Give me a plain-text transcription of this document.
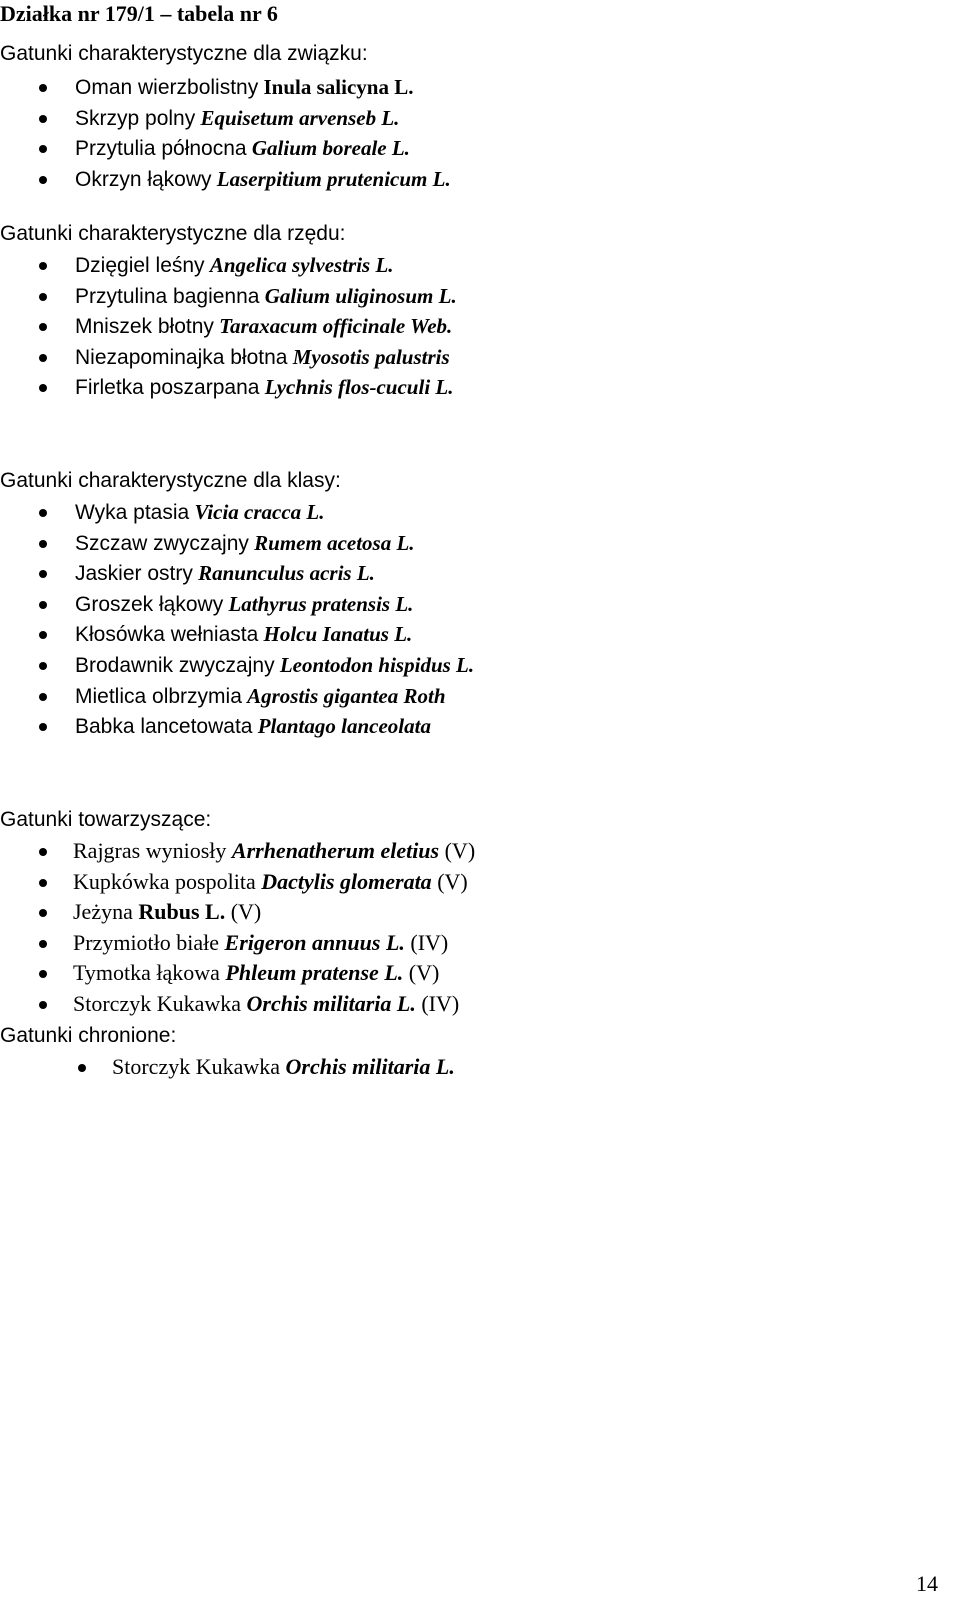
Działka nr 179/1 – tabela nr 6
Gatunki charakterystyczne dla związku:
Oman wierzbolistny Inula salicyna L.
Skrzyp polny Equisetum arvenseb L.
Przytulia północna Galium boreale L.
Okrzyn łąkowy Laserpitium prutenicum L.
Gatunki charakterystyczne dla rzędu:
Dzięgiel leśny Angelica sylvestris L.
Przytulina bagienna Galium uliginosum L.
Mniszek błotny Taraxacum officinale Web.
Niezapominajka błotna Myosotis palustris
Firletka poszarpana Lychnis flos-cuculi L.
Gatunki charakterystyczne dla klasy:
Wyka ptasia Vicia cracca L.
Szczaw zwyczajny Rumem acetosa L.
Jaskier ostry Ranunculus acris L.
Groszek łąkowy Lathyrus pratensis L.
Kłosówka wełniasta Holcu Ianatus L.
Brodawnik zwyczajny Leontodon hispidus L.
Mietlica olbrzymia Agrostis gigantea Roth
Babka lancetowata Plantago lanceolata
Gatunki towarzyszące:
Rajgras wyniosły Arrhenatherum eletius (V)
Kupkówka pospolita Dactylis glomerata (V)
Jeżyna Rubus L. (V)
Przymiotło białe Erigeron annuus L. (IV)
Tymotka łąkowa Phleum pratense L. (V)
Storczyk Kukawka Orchis militaria L. (IV)
Gatunki chronione:
Storczyk Kukawka Orchis militaria L.
14
